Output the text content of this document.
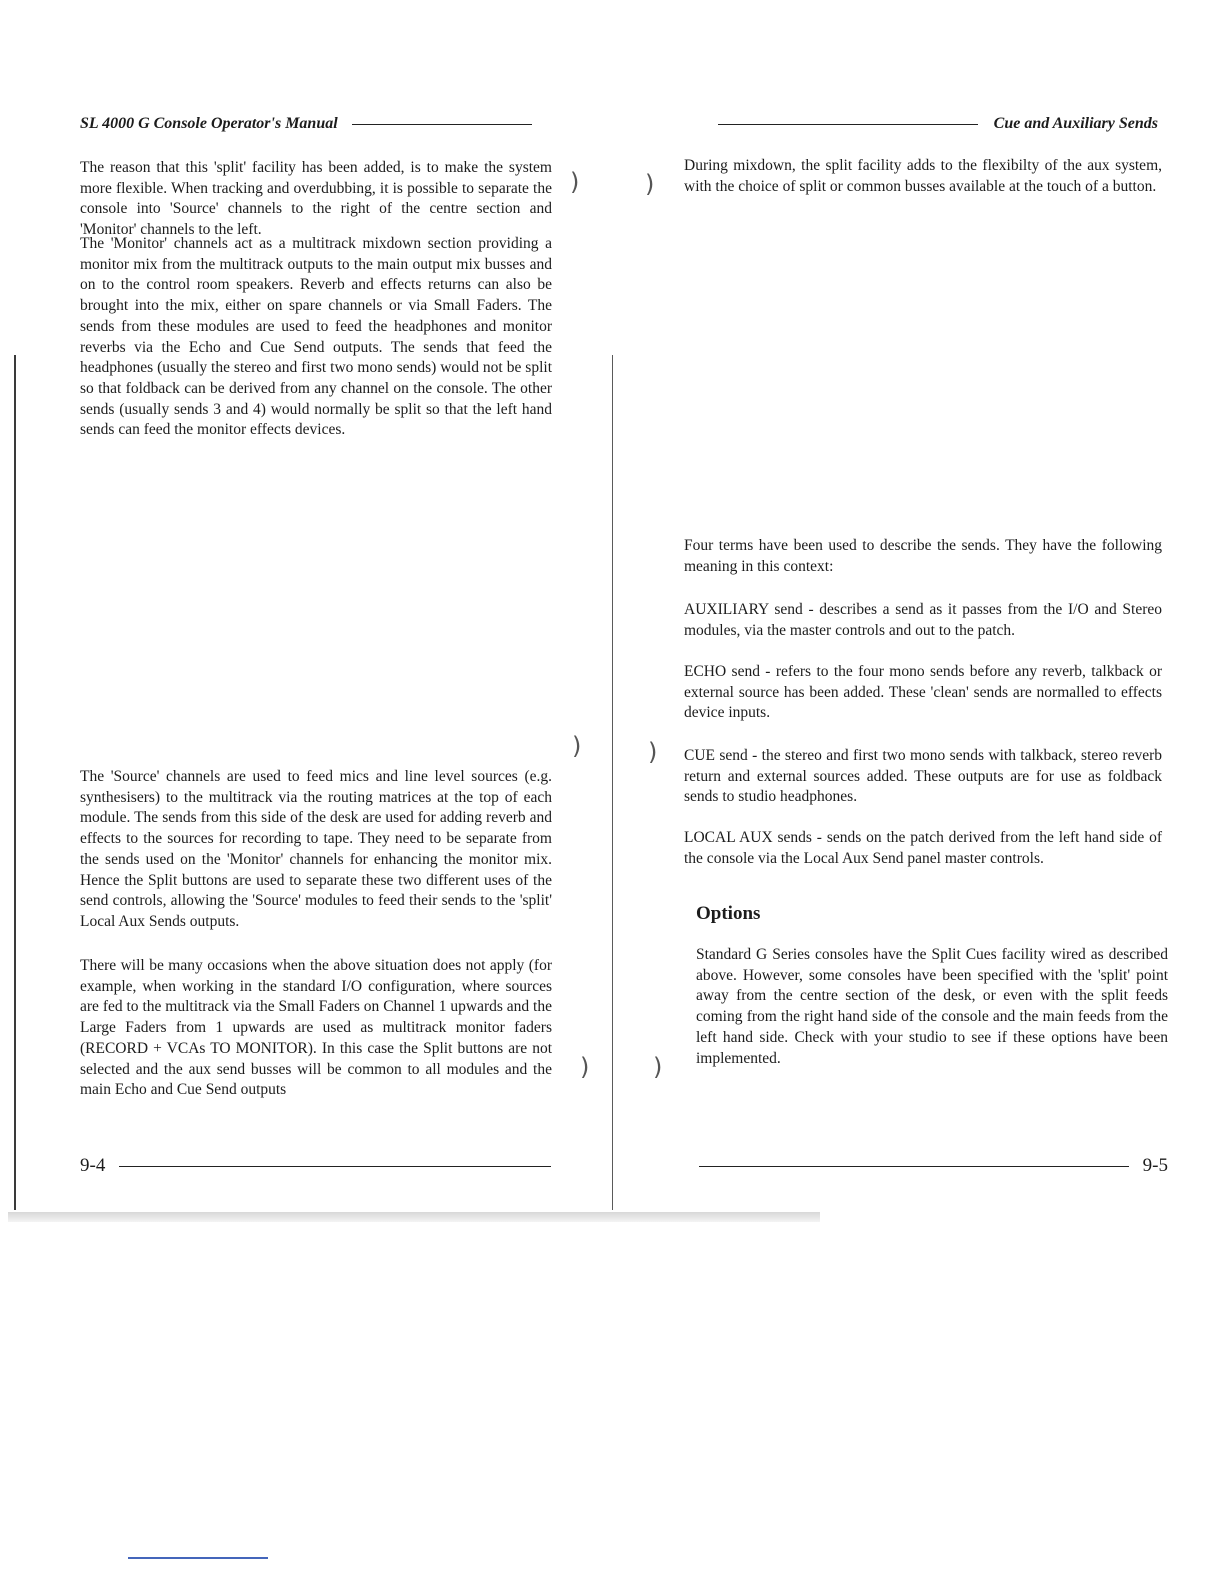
)	)
)	)
)	)
SL 4000 G Console Operator's Manual

The reason that this 'split' facility has been added, is to make the system more flexible. When tracking and overdubbing, it is possible to separate the console into 'Source' channels to the right of the centre section and 'Monitor' channels to the left.

The 'Monitor' channels act as a multitrack mixdown section providing a monitor mix from the multitrack outputs to the main output mix busses and on to the control room speakers. Reverb and effects returns can also be brought into the mix, either on spare channels or via Small Faders. The sends from these modules are used to feed the headphones and monitor reverbs via the Echo and Cue Send outputs. The sends that feed the headphones (usually the stereo and first two mono sends) would not be split so that foldback can be derived from any channel on the console. The other sends (usually sends 3 and 4) would normally be split so that the left hand sends can feed the monitor effects devices.

The 'Source' channels are used to feed mics and line level sources (e.g. synthesisers) to the multitrack via the routing matrices at the top of each module. The sends from this side of the desk are used for adding reverb and effects to the sources for recording to tape. They need to be separate from the sends used on the 'Monitor' channels for enhancing the monitor mix. Hence the Split buttons are used to separate these two different uses of the send controls, allowing the 'Source' modules to feed their sends to the 'split' Local Aux Sends outputs.

There will be many occasions when the above situation does not apply (for example, when working in the standard I/O configuration, where sources are fed to the multitrack via the Small Faders on Channel 1 upwards and the Large Faders from 1 upwards are used as multitrack monitor faders (RECORD + VCAs TO MONITOR). In this case the Split buttons are not selected and the aux send busses will be common to all modules and the main Echo and Cue Send outputs

9-4
Cue and Auxiliary Sends

During mixdown, the split facility adds to the flexibilty of the aux system, with the choice of split or common busses available at the touch of a button.

Four terms have been used to describe the sends. They have the following meaning in this context:

AUXILIARY send - describes a send as it passes from the I/O and Stereo modules, via the master controls and out to the patch.

ECHO send - refers to the four mono sends before any reverb, talkback or external source has been added. These 'clean' sends are normalled to effects device inputs.

CUE send - the stereo and first two mono sends with talkback, stereo reverb return and external sources added. These outputs are for use as foldback sends to studio headphones.

LOCAL AUX sends - sends on the patch derived from the left hand side of the console via the Local Aux Send panel master controls.

Options

Standard G Series consoles have the Split Cues facility wired as described above. However, some consoles have been specified with the 'split' point away from the centre section of the desk, or even with the split feeds coming from the right hand side of the console and the main feeds from the left hand side. Check with your studio to see if these options have been implemented.

9-5
